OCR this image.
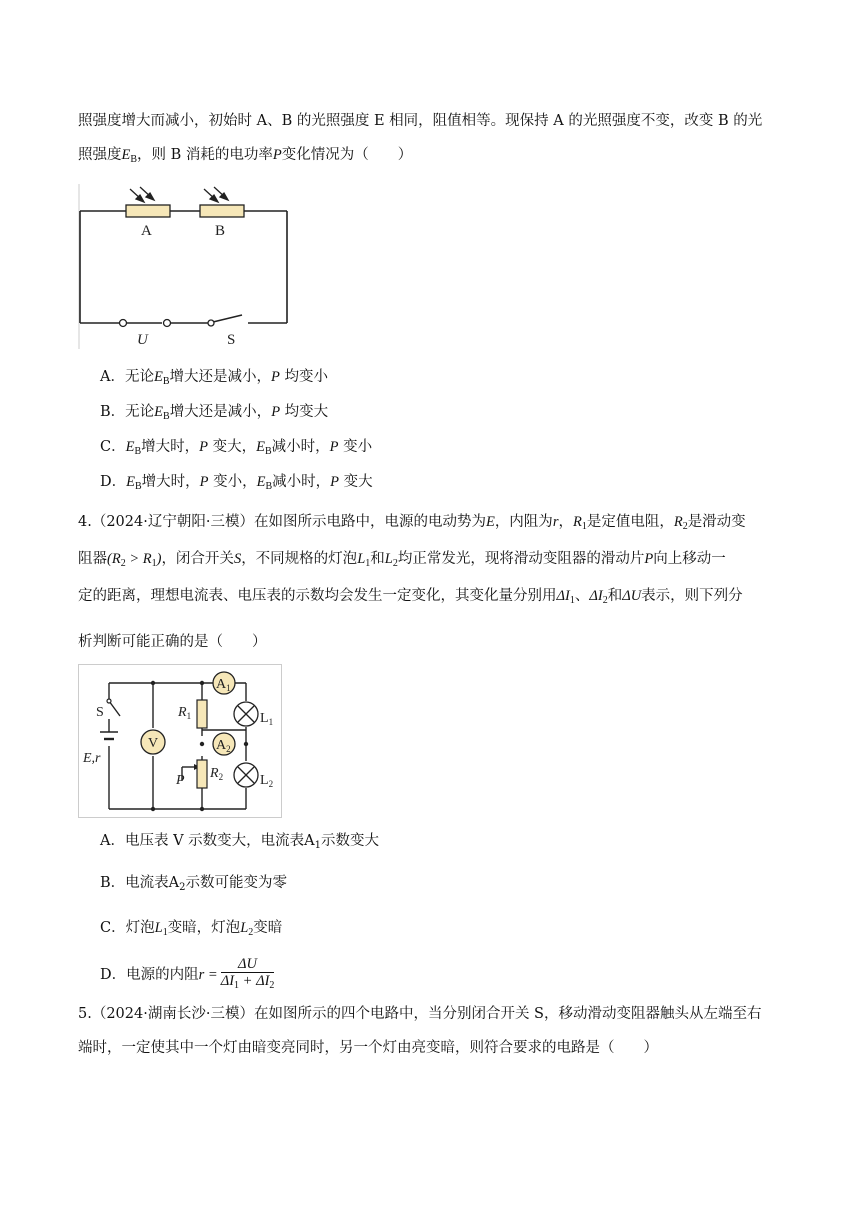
照强度增大而减小，初始时 A、B 的光照强度 E 相同，阻值相等。现保持 A 的光照强度不变，改变 B 的光
照强度$E_B$，则 B 消耗的电功率P变化情况为（　　）
A	B
U	S
A．无论$E_B$增大还是减小，P 均变小
B．无论$E_B$增大还是减小，P 均变大
C．$E_B$增大时，P 变大，$E_B$减小时，P 变小
D．$E_B$增大时，P 变小，$E_B$减小时，P 变大
4.（2024·辽宁朝阳·三模）在如图所示电路中，电源的电动势为E，内阻为r，$R_1$是定值电阻，$R_2$是滑动变
阻器$(R_2 > R_1)$，闭合开关S，不同规格的灯泡$L_1$和$L_2$均正常发光，现将滑动变阻器的滑动片P向上移动一
定的距离，理想电流表、电压表的示数均会发生一定变化，其变化量分别用$\Delta I_1$、$\Delta I_2$和ΔU表示，则下列分
析判断可能正确的是（　　）
V
$A_1$
$A_2$
$L_1$
$L_2$
$R_1$
$R_2$
P
S
E,r
A．电压表 V 示数变大，电流表$A_1$示数变大
B．电流表$A_2$示数可能变为零
C．灯泡$L_1$变暗，灯泡$L_2$变暗
D．电源的内阻$r = \frac{\Delta U}{\Delta I_1 + \Delta I_2}$
5.（2024·湖南长沙·三模）在如图所示的四个电路中，当分别闭合开关 S，移动滑动变阻器触头从左端至右
端时，一定使其中一个灯由暗变亮同时，另一个灯由亮变暗，则符合要求的电路是（　　）
